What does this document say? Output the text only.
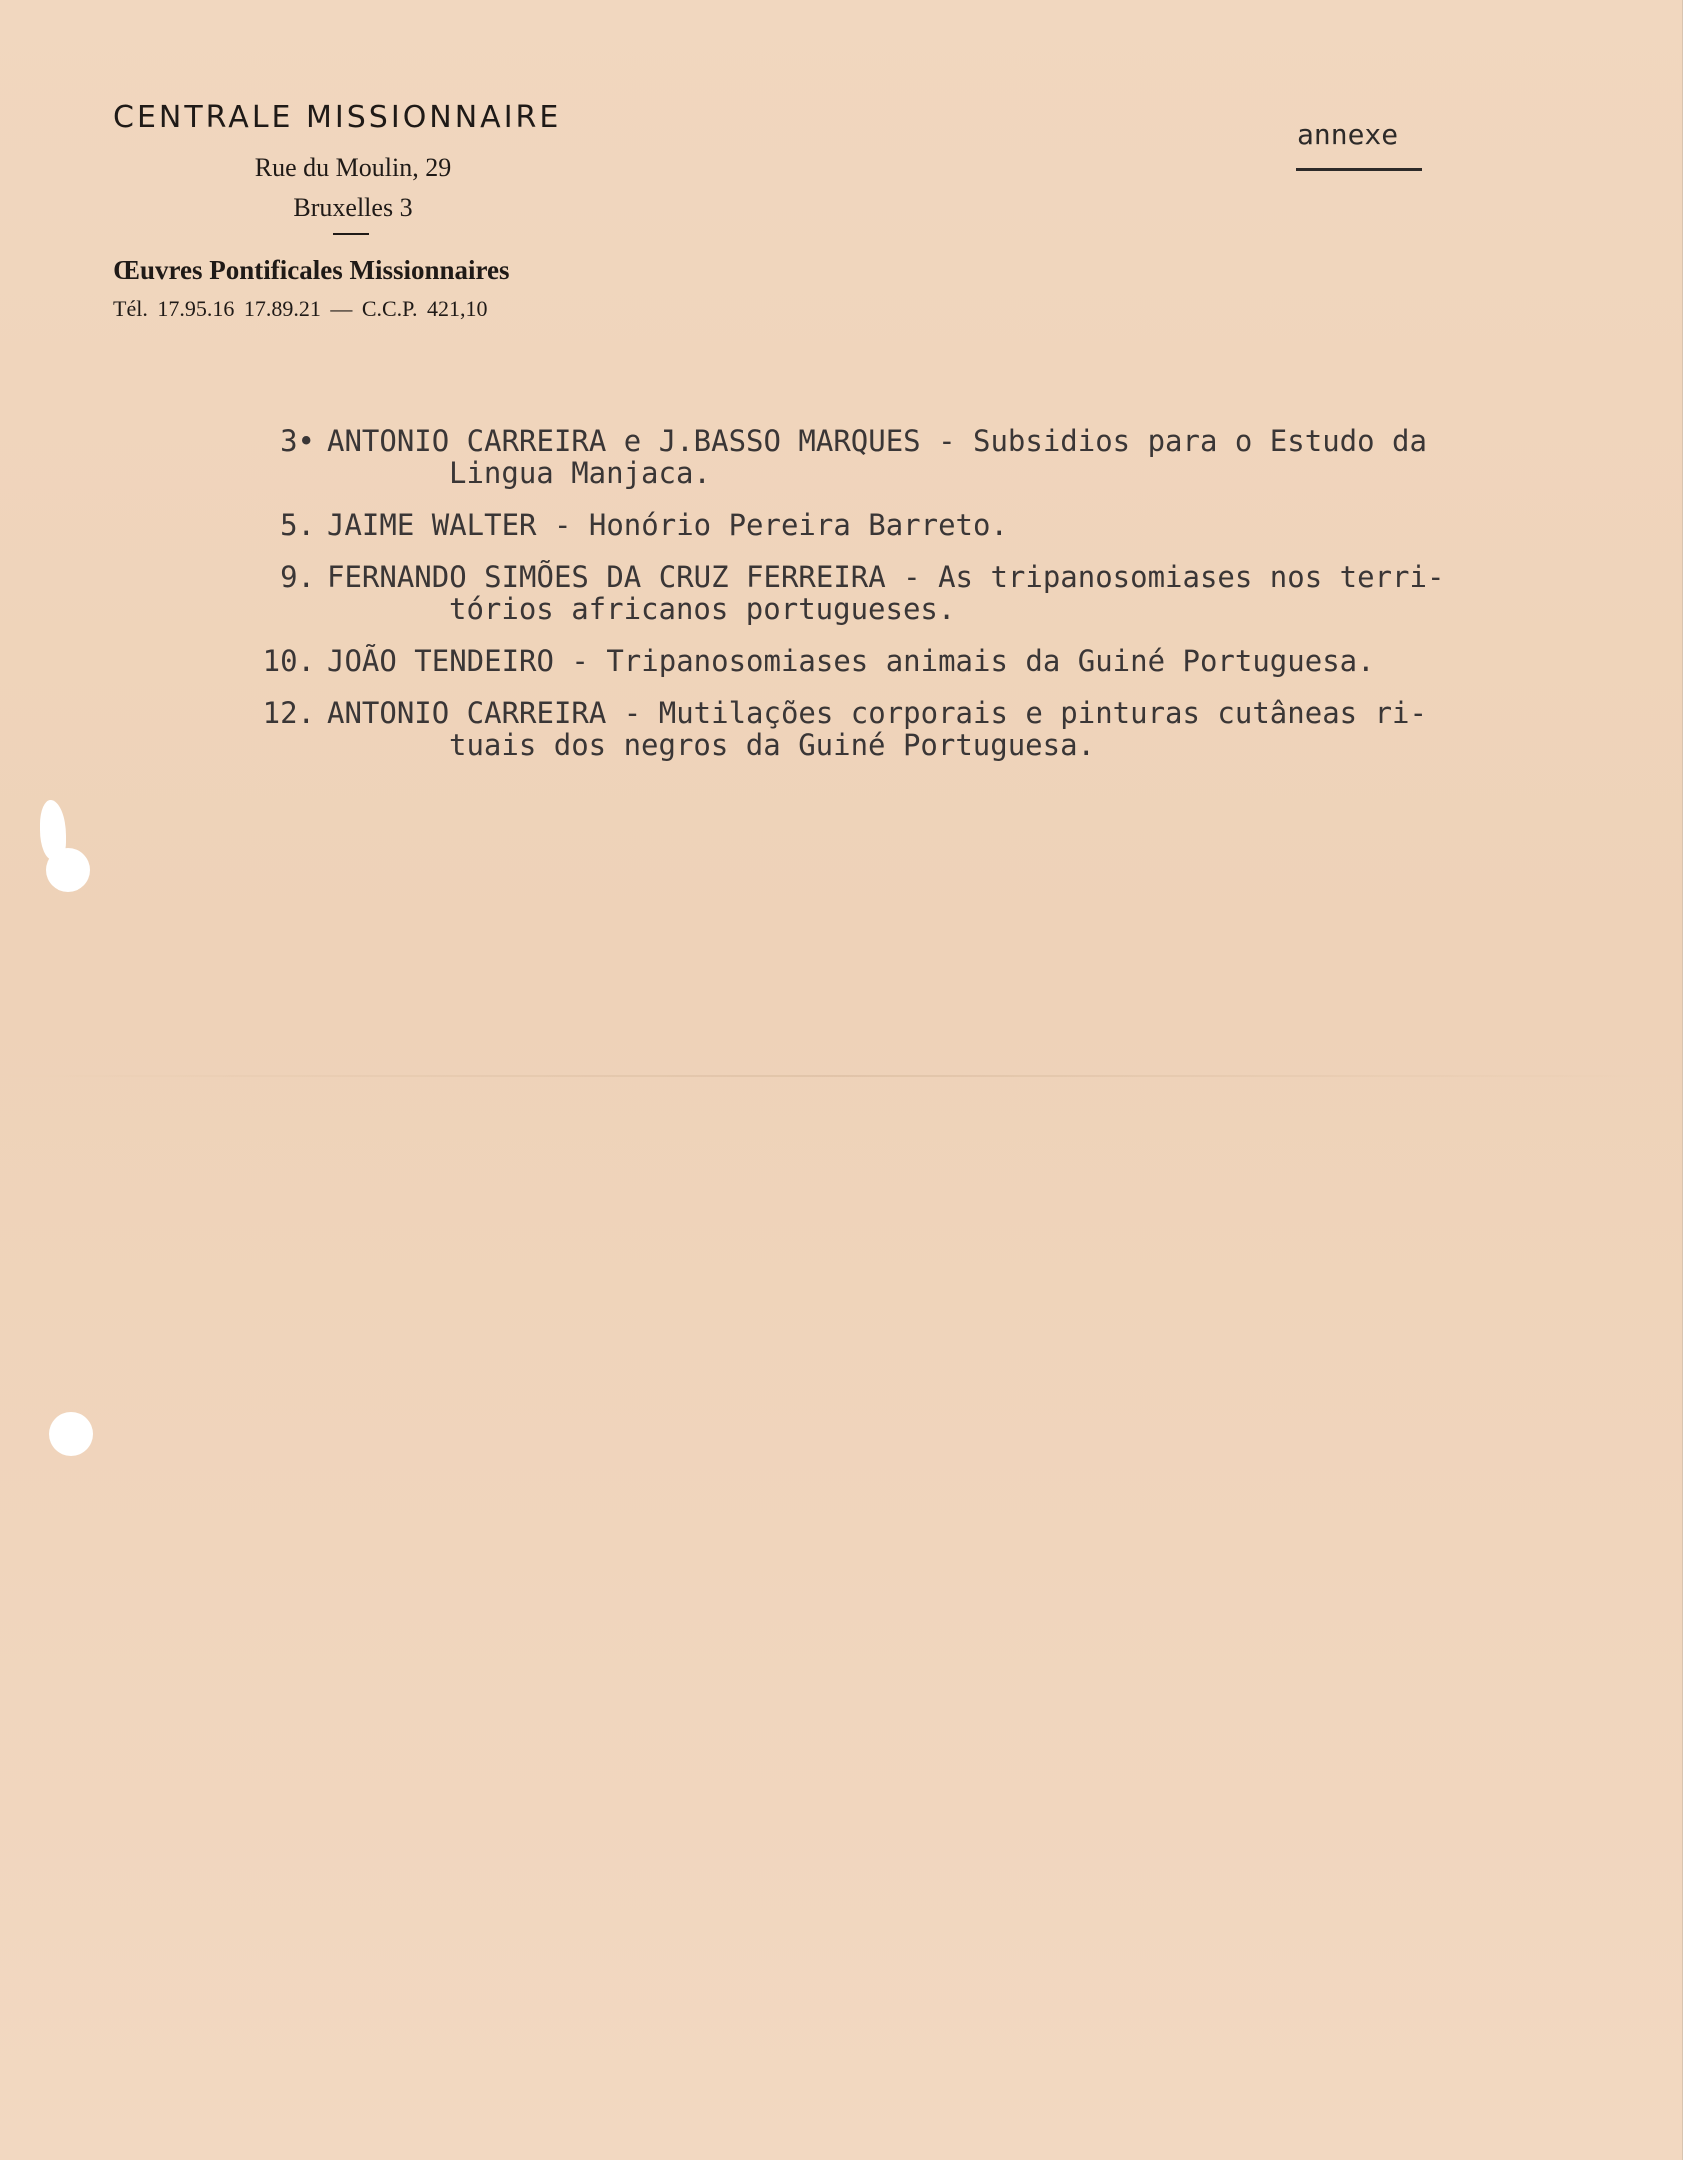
CENTRALE MISSIONNAIRE
Rue du Moulin, 29
Bruxelles 3
Œuvres Pontificales Missionnaires
Tél. 17.95.16 17.89.21 — C.C.P. 421,10
annexe
3• ANTONIO CARREIRA e J.BASSO MARQUES - Subsidios para o Estudo da
Lingua Manjaca.
5. JAIME WALTER - Honório Pereira Barreto.
9. FERNANDO SIMÕES DA CRUZ FERREIRA - As tripanosomiases nos terri-
tórios africanos portugueses.
10. JOÃO TENDEIRO - Tripanosomiases animais da Guiné Portuguesa.
12. ANTONIO CARREIRA - Mutilações corporais e pinturas cutâneas ri-
tuais dos negros da Guiné Portuguesa.
